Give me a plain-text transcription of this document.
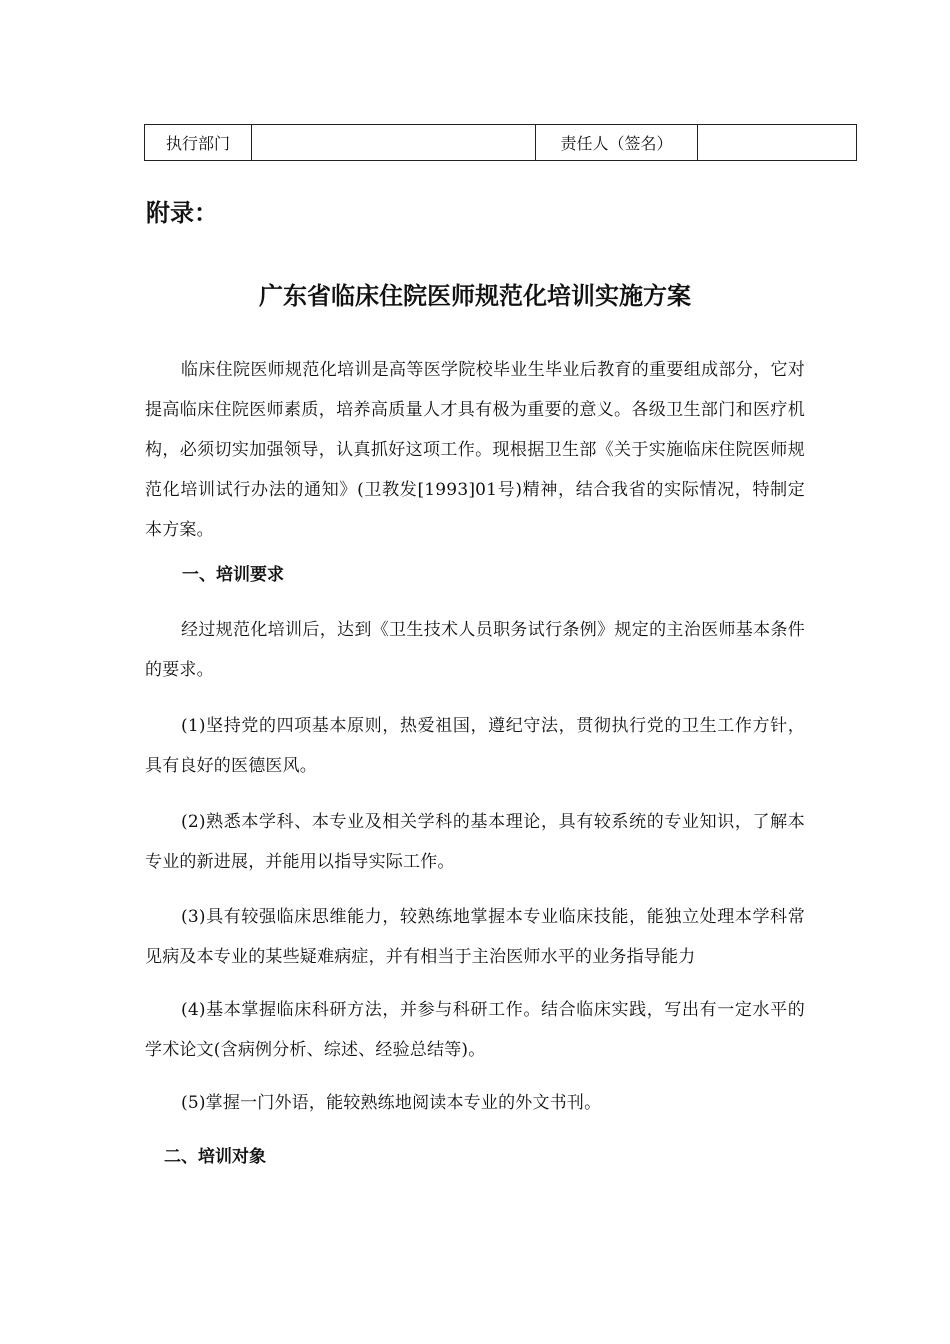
执行部门		责任人（签名）	
附录：
广东省临床住院医师规范化培训实施方案

临床住院医师规范化培训是高等医学院校毕业生毕业后教育的重要组成部分，它对提高临床住院医师素质，培养高质量人才具有极为重要的意义。各级卫生部门和医疗机构，必须切实加强领导，认真抓好这项工作。现根据卫生部《关于实施临床住院医师规范化培训试行办法的通知》(卫教发[1993]01号)精神，结合我省的实际情况，特制定本方案。

一、培训要求

经过规范化培训后，达到《卫生技术人员职务试行条例》规定的主治医师基本条件的要求。

(1)坚持党的四项基本原则，热爱祖国，遵纪守法，贯彻执行党的卫生工作方针，具有良好的医德医风。

(2)熟悉本学科、本专业及相关学科的基本理论，具有较系统的专业知识，了解本专业的新进展，并能用以指导实际工作。

(3)具有较强临床思维能力，较熟练地掌握本专业临床技能，能独立处理本学科常见病及本专业的某些疑难病症，并有相当于主治医师水平的业务指导能力

(4)基本掌握临床科研方法，并参与科研工作。结合临床实践，写出有一定水平的学术论文(含病例分析、综述、经验总结等)。

(5)掌握一门外语，能较熟练地阅读本专业的外文书刊。

二、培训对象
